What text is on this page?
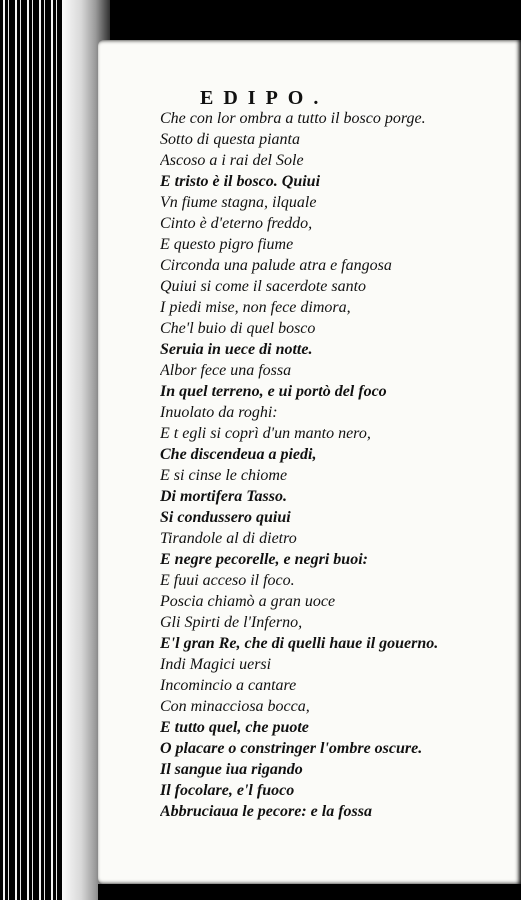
EDIPO.
Che con lor ombra a tutto il bosco porge.
Sotto di questa pianta
Ascoso a i rai del Sole
E tristo è il bosco. Quiui
Vn fiume stagna, ilquale
Cinto è d'eterno freddo,
E questo pigro fiume
Circonda una palude atra e fangosa
Quiui si come il sacerdote santo
I piedi mise, non fece dimora,
Che'l buio di quel bosco
Seruia in uece di notte.
Albor fece una fossa
In quel terreno, e ui portò del foco
Inuolato da roghi:
E t egli si coprì d'un manto nero,
Che discendeua a piedi,
E si cinse le chiome
Di mortifera Tasso.
Si condussero quiui
Tirandole al di dietro
E negre pecorelle, e negri buoi:
E fuui acceso il foco.
Poscia chiamò a gran uoce
Gli Spirti de l'Inferno,
E'l gran Re, che di quelli haue il gouerno.
Indi Magici uersi
Incomincio a cantare
Con minacciosa bocca,
E tutto quel, che puote
O placare o constringer l'ombre oscure.
Il sangue iua rigando
Il focolare, e'l fuoco
Abbruciaua le pecore: e la fossa
